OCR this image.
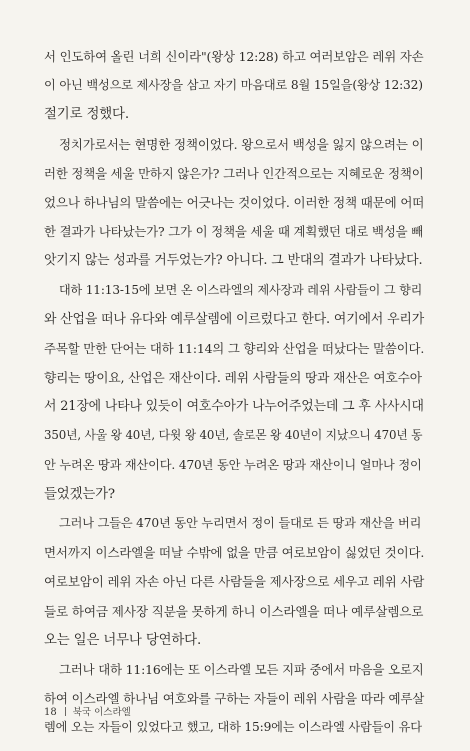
서 인도하여 올린 너희 신이라"(왕상 12:28) 하고 여러보암은 레위 자손
이 아닌 백성으로 제사장을 삼고 자기 마음대로 8월 15일을(왕상 12:32)
절기로 정했다.

정치가로서는 현명한 정책이었다. 왕으로서 백성을 잃지 않으려는 이
러한 정책을 세울 만하지 않은가? 그러나 인간적으로는 지혜로운 정책이
었으나 하나님의 말씀에는 어긋나는 것이었다. 이러한 정책 때문에 어떠
한 결과가 나타났는가? 그가 이 정책을 세울 때 계획했던 대로 백성을 빼
앗기지 않는 성과를 거두었는가? 아니다. 그 반대의 결과가 나타났다.

대하 11:13-15에 보면 온 이스라엘의 제사장과 레위 사람들이 그 향리
와 산업을 떠나 유다와 예루살렘에 이르렀다고 한다. 여기에서 우리가
주목할 만한 단어는 대하 11:14의 그 향리와 산업을 떠났다는 말씀이다.
향리는 땅이요, 산업은 재산이다. 레위 사람들의 땅과 재산은 여호수아
서 21장에 나타나 있듯이 여호수아가 나누어주었는데 그 후 사사시대
350년, 사울 왕 40년, 다윗 왕 40년, 솔로몬 왕 40년이 지났으니 470년 동
안 누려온 땅과 재산이다. 470년 동안 누려온 땅과 재산이니 얼마나 정이
들었겠는가?

그러나 그들은 470년 동안 누리면서 정이 들대로 든 땅과 재산을 버리
면서까지 이스라엘을 떠날 수밖에 없을 만큼 여로보암이 싫었던 것이다.
여로보암이 레위 자손 아닌 다른 사람들을 제사장으로 세우고 레위 사람
들로 하여금 제사장 직분을 못하게 하니 이스라엘을 떠나 예루살렘으로
오는 일은 너무나 당연하다.

그러나 대하 11:16에는 또 이스라엘 모든 지파 중에서 마음을 오로지
하여 이스라엘 하나님 여호와를 구하는 자들이 레위 사람을 따라 예루살
렘에 오는 자들이 있었다고 했고, 대하 15:9에는 이스라엘 사람들이 유다

18 북국 이스라엘
